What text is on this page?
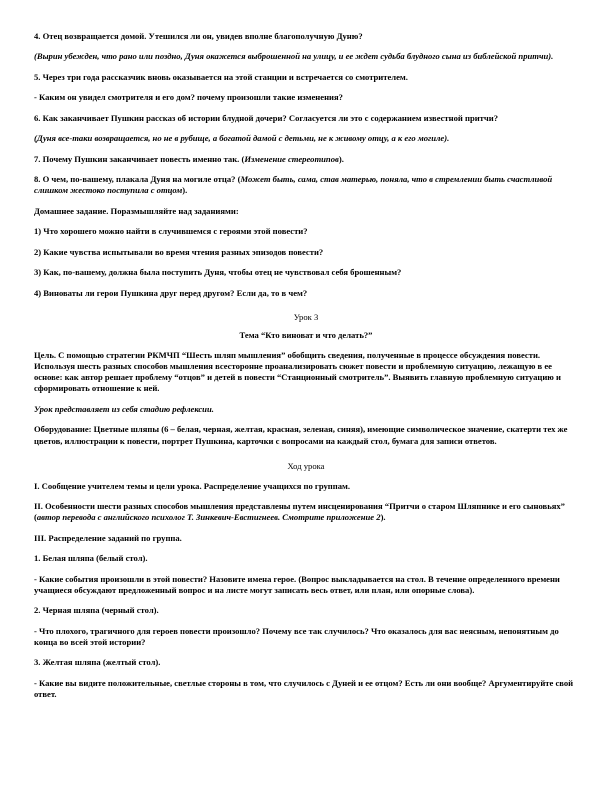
4. Отец возвращается домой. Утешился ли он, увидев вполне благополучную Дуню?

(Вырин убежден, что рано или поздно, Дуня окажется выброшенной на улицу, и ее ждет судьба блудного сына из библейской притчи).

5. Через три года рассказчик вновь оказывается на этой станции и встречается со смотрителем.

- Каким он увидел смотрителя и его дом? почему произошли такие изменения?

6. Как заканчивает Пушкин рассказ об истории блудной дочери? Согласуется ли это с содержанием известной притчи?

(Дуня все-таки возвращается, но не в рубище, а богатой дамой с детьми, не к живому отцу, а к его могиле).

7. Почему Пушкин заканчивает повесть именно так. (Изменение стереотипов).

8. О чем, по-вашему, плакала Дуня на могиле отца? (Может быть, сама, став матерью, поняла, что в стремлении быть счастливой слишком жестоко поступила с отцом).

Домашнее задание. Поразмышляйте над заданиями:

1) Что хорошего можно найти в случившемся с героями этой повести?

2) Какие чувства испытывали во время чтения разных эпизодов повести?

3) Как, по-вашему, должна была поступить Дуня, чтобы отец не чувствовал себя брошенным?

4) Виноваты ли герои Пушкина друг перед другом? Если да, то в чем?

Урок 3

Тема “Кто виноват и что делать?”

Цель. С помощью стратегии РКМЧП “Шесть шляп мышления” обобщить сведения, полученные в процессе обсуждения повести. Используя шесть разных способов мышления всесторонне проанализировать сюжет повести и проблемную ситуацию, лежащую в ее основе: как автор решает проблему “отцов” и детей в повести “Станционный смотритель”. Выявить главную проблемную ситуацию и сформировать отношение к ней.

Урок представляет из себя стадию рефлексии.

Оборудование: Цветные шляпы (6 – белая, черная, желтая, красная, зеленая, синяя), имеющие символическое значение, скатерти тех же цветов, иллюстрации к повести, портрет Пушкина, карточки с вопросами на каждый стол, бумага для записи ответов.

Ход урока

I. Сообщение учителем темы и цели урока. Распределение учащихся по группам.

II. Особенности шести разных способов мышления представлены путем инсценирования “Притчи о старом Шляпнике и его сыновьях” (автор перевода с английского психолог Т. Зинкевич-Евстигнеев. Смотрите приложение 2).

III. Распределение заданий по группа.

1. Белая шляпа (белый стол).

- Какие события произошли в этой повести? Назовите имена герое. (Вопрос выкладывается на стол. В течение определенного времени учащиеся обсуждают предложенный вопрос и на листе могут записать весь ответ, или план, или опорные слова).

2. Черная шляпа (черный стол).

- Что плохого, трагичного для героев повести произошло? Почему все так случилось? Что оказалось для вас неясным, непонятным до конца во всей этой истории?

3. Желтая шляпа (желтый стол).

- Какие вы видите положительные, светлые стороны в том, что случилось с Дуней и ее отцом? Есть ли они вообще? Аргументируйте свой ответ.
